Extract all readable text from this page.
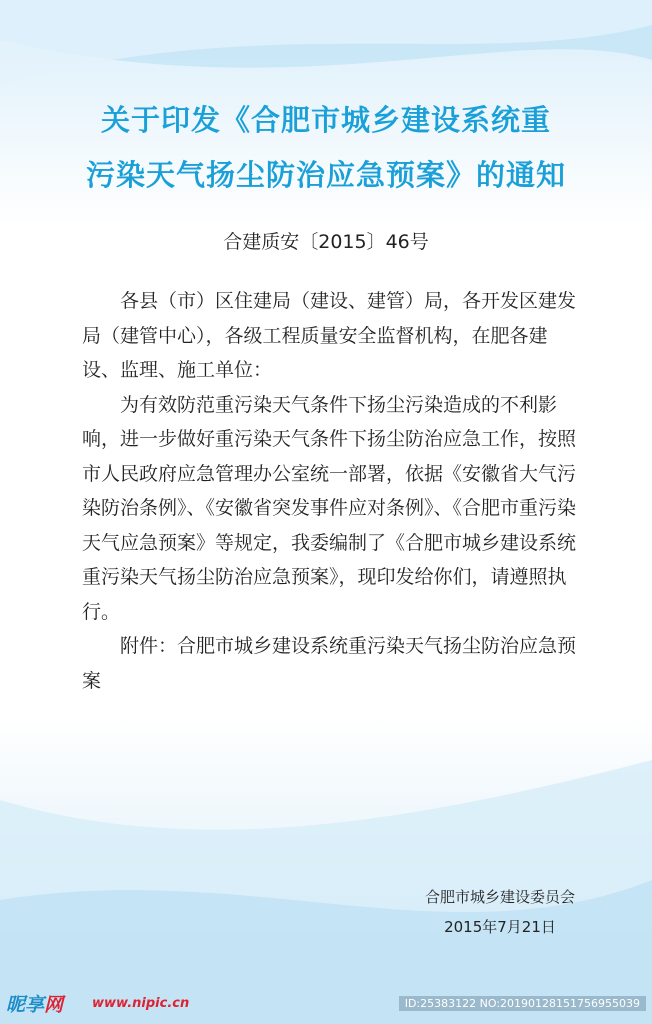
关于印发《合肥市城乡建设系统重
污染天气扬尘防治应急预案》的通知
合建质安〔2015〕46号

各县（市）区住建局（建设、建管）局，各开发区建发局（建管中心），各级工程质量安全监督机构，在肥各建设、监理、施工单位：

为有效防范重污染天气条件下扬尘污染造成的不利影响，进一步做好重污染天气条件下扬尘防治应急工作，按照市人民政府应急管理办公室统一部署，依据《安徽省大气污染防治条例》、《安徽省突发事件应对条例》、《合肥市重污染天气应急预案》等规定，我委编制了《合肥市城乡建设系统重污染天气扬尘防治应急预案》，现印发给你们，请遵照执行。

附件：合肥市城乡建设系统重污染天气扬尘防治应急预案

合肥市城乡建设委员会
2015年7月21日
昵享网 www.nipic.cn	ID:25383122 NO:20190128151756955039
